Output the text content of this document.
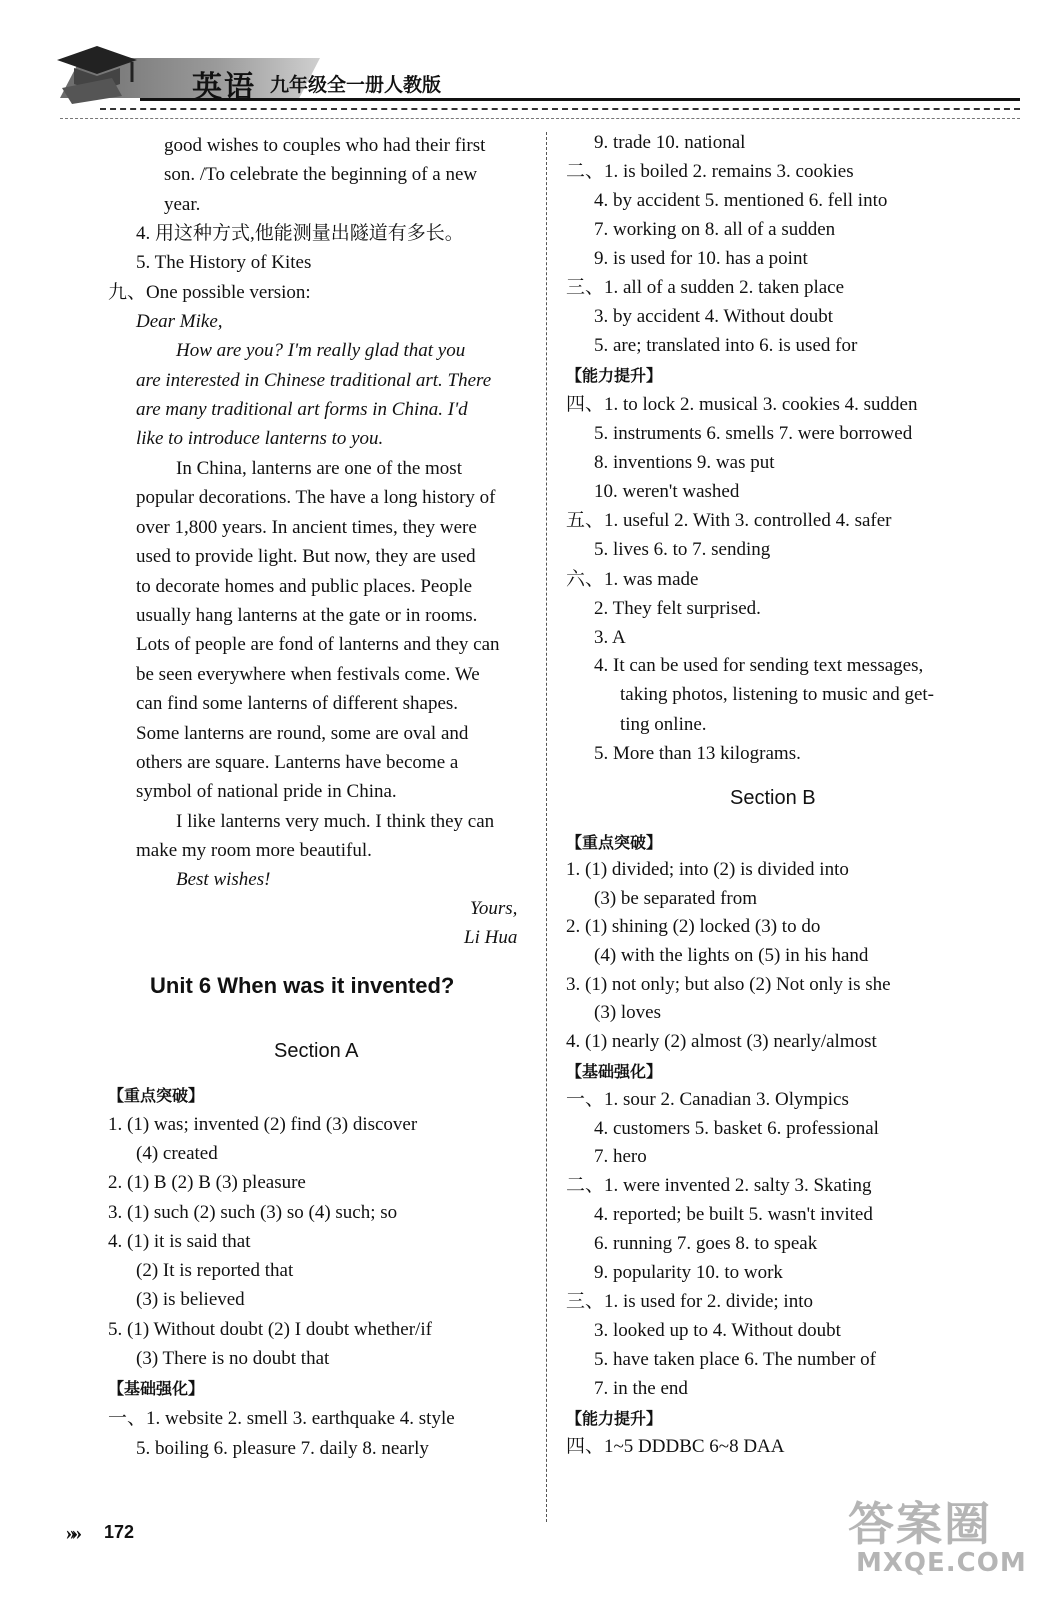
英语 九年级全一册 人教版
good wishes to couples who had their first
son. /To celebrate the beginning of a new
year.
4. 用这种方式,他能测量出隧道有多长。
5. The History of Kites
九、One possible version:
Dear Mike,
How are you? I'm really glad that you
are interested in Chinese traditional art. There
are many traditional art forms in China. I'd
like to introduce lanterns to you.
In China, lanterns are one of the most
popular decorations. The have a long history of
over 1,800 years. In ancient times, they were
used to provide light. But now, they are used
to decorate homes and public places. People
usually hang lanterns at the gate or in rooms.
Lots of people are fond of lanterns and they can
be seen everywhere when festivals come. We
can find some lanterns of different shapes.
Some lanterns are round, some are oval and
others are square. Lanterns have become a
symbol of national pride in China.
I like lanterns very much. I think they can
make my room more beautiful.
Best wishes!
Yours,
Li Hua
Unit 6 When was it invented?
Section A
【重点突破】
1. (1) was; invented (2) find (3) discover
(4) created
2. (1) B (2) B (3) pleasure
3. (1) such (2) such (3) so (4) such; so
4. (1) it is said that
(2) It is reported that
(3) is believed
5. (1) Without doubt (2) I doubt whether/if
(3) There is no doubt that
【基础强化】
一、1. website 2. smell 3. earthquake 4. style
5. boiling 6. pleasure 7. daily 8. nearly
9. trade 10. national
二、1. is boiled 2. remains 3. cookies
4. by accident 5. mentioned 6. fell into
7. working on 8. all of a sudden
9. is used for 10. has a point
三、1. all of a sudden 2. taken place
3. by accident 4. Without doubt
5. are; translated into 6. is used for
【能力提升】
四、1. to lock 2. musical 3. cookies 4. sudden
5. instruments 6. smells 7. were borrowed
8. inventions 9. was put
10. weren't washed
五、1. useful 2. With 3. controlled 4. safer
5. lives 6. to 7. sending
六、1. was made
2. They felt surprised.
3. A
4. It can be used for sending text messages,
taking photos, listening to music and get-
ting online.
5. More than 13 kilograms.
Section B
【重点突破】
1. (1) divided; into (2) is divided into
(3) be separated from
2. (1) shining (2) locked (3) to do
(4) with the lights on (5) in his hand
3. (1) not only; but also (2) Not only is she
(3) loves
4. (1) nearly (2) almost (3) nearly/almost
【基础强化】
一、1. sour 2. Canadian 3. Olympics
4. customers 5. basket 6. professional
7. hero
二、1. were invented 2. salty 3. Skating
4. reported; be built 5. wasn't invited
6. running 7. goes 8. to speak
9. popularity 10. to work
三、1. is used for 2. divide; into
3. looked up to 4. Without doubt
5. have taken place 6. The number of
7. in the end
【能力提升】
四、1~5 DDDBC 6~8 DAA
»» 172	答案圈
MXQE.COM
